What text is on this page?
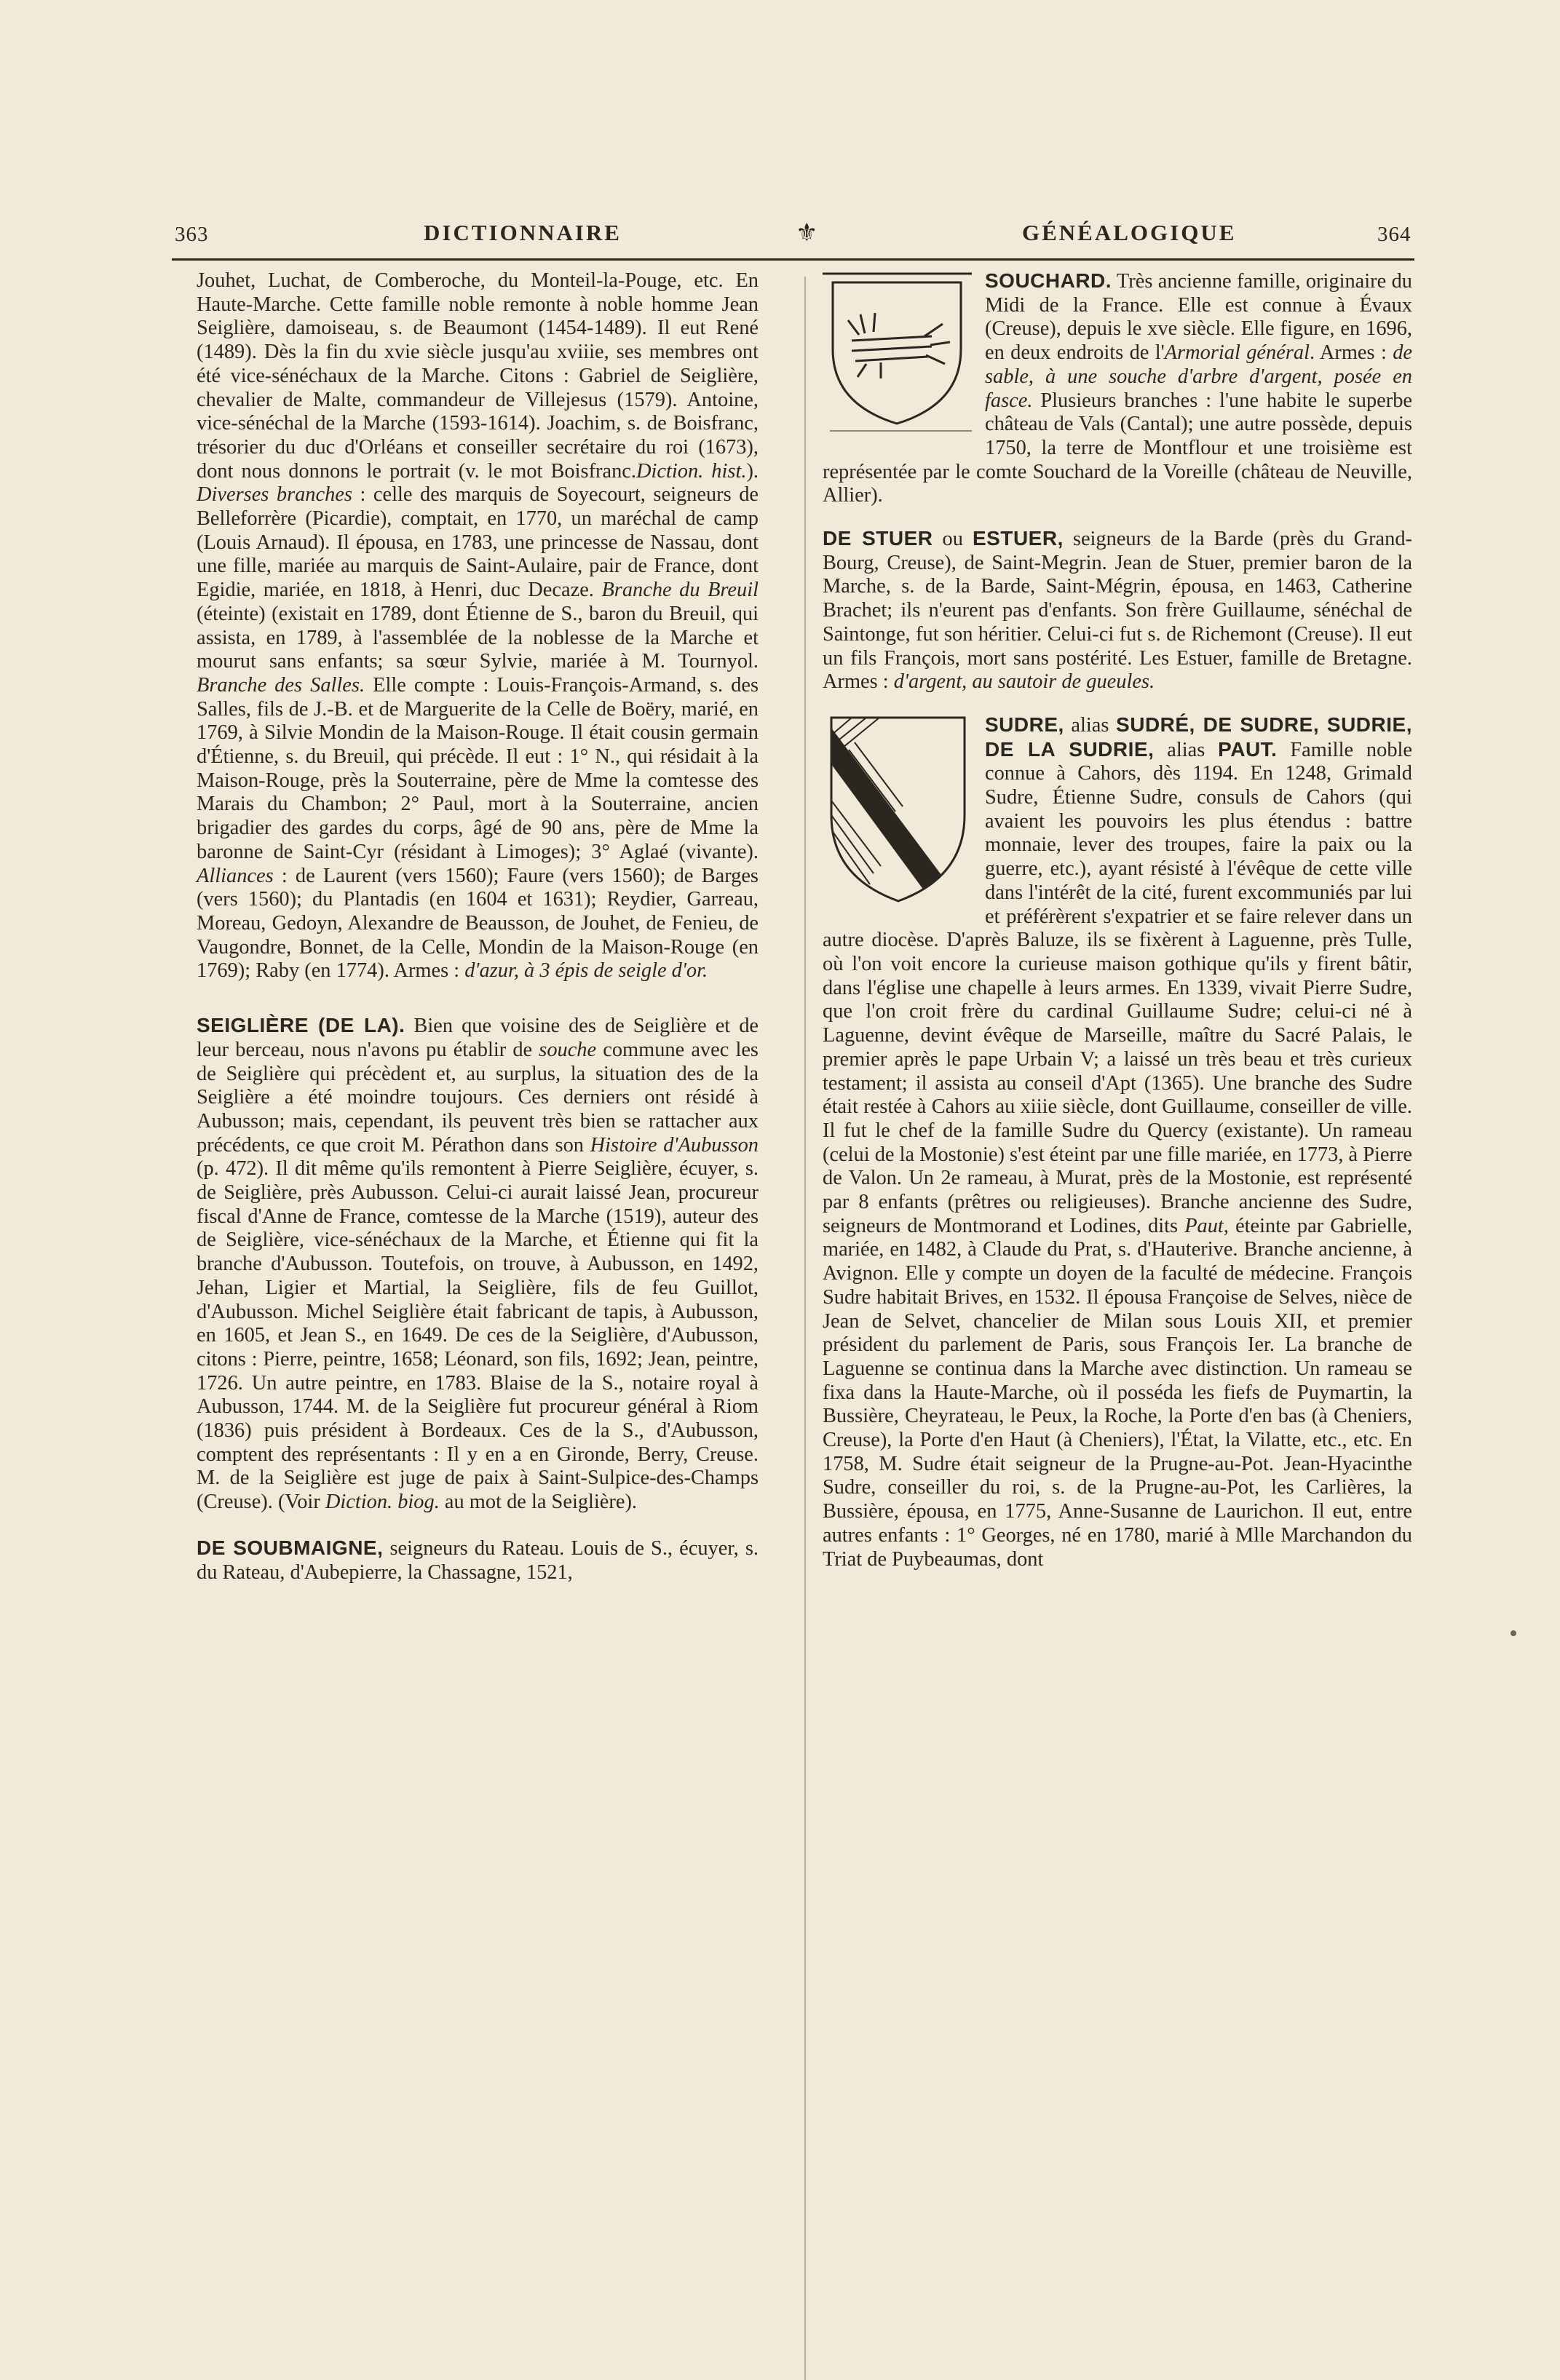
363	DICTIONNAIRE	⚜	GÉNÉALOGIQUE	364

Jouhet, Luchat, de Comberoche, du Monteil-la-Pouge, etc. En Haute-Marche. Cette famille noble remonte à noble homme Jean Seiglière, damoiseau, s. de Beaumont (1454-1489). Il eut René (1489). Dès la fin du xvie siècle jusqu'au xviiie, ses membres ont été vice-sénéchaux de la Marche. Citons : Gabriel de Seiglière, chevalier de Malte, commandeur de Villejesus (1579). Antoine, vice-sénéchal de la Marche (1593-1614). Joachim, s. de Boisfranc, trésorier du duc d'Orléans et conseiller secrétaire du roi (1673), dont nous donnons le portrait (v. le mot Boisfranc.Diction. hist.). Diverses branches : celle des marquis de Soyecourt, seigneurs de Belleforrère (Picardie), comptait, en 1770, un maréchal de camp (Louis Arnaud). Il épousa, en 1783, une princesse de Nassau, dont une fille, mariée au marquis de Saint-Aulaire, pair de France, dont Egidie, mariée, en 1818, à Henri, duc Decaze. Branche du Breuil (éteinte) (existait en 1789, dont Étienne de S., baron du Breuil, qui assista, en 1789, à l'assemblée de la noblesse de la Marche et mourut sans enfants; sa sœur Sylvie, mariée à M. Tournyol. Branche des Salles. Elle compte : Louis-François-Armand, s. des Salles, fils de J.-B. et de Marguerite de la Celle de Boëry, marié, en 1769, à Silvie Mondin de la Maison-Rouge. Il était cousin germain d'Étienne, s. du Breuil, qui précède. Il eut : 1° N., qui résidait à la Maison-Rouge, près la Souterraine, père de Mme la comtesse des Marais du Chambon; 2° Paul, mort à la Souterraine, ancien brigadier des gardes du corps, âgé de 90 ans, père de Mme la baronne de Saint-Cyr (résidant à Limoges); 3° Aglaé (vivante). Alliances : de Laurent (vers 1560); Faure (vers 1560); de Barges (vers 1560); du Plantadis (en 1604 et 1631); Reydier, Garreau, Moreau, Gedoyn, Alexandre de Beausson, de Jouhet, de Fenieu, de Vaugondre, Bonnet, de la Celle, Mondin de la Maison-Rouge (en 1769); Raby (en 1774). Armes : d'azur, à 3 épis de seigle d'or.

SEIGLIÈRE (DE LA). Bien que voisine des de Seiglière et de leur berceau, nous n'avons pu établir de souche commune avec les de Seiglière qui précèdent et, au surplus, la situation des de la Seiglière a été moindre toujours. Ces derniers ont résidé à Aubusson; mais, cependant, ils peuvent très bien se rattacher aux précédents, ce que croit M. Pérathon dans son Histoire d'Aubusson (p. 472). Il dit même qu'ils remontent à Pierre Seiglière, écuyer, s. de Seiglière, près Aubusson. Celui-ci aurait laissé Jean, procureur fiscal d'Anne de France, comtesse de la Marche (1519), auteur des de Seiglière, vice-sénéchaux de la Marche, et Étienne qui fit la branche d'Aubusson. Toutefois, on trouve, à Aubusson, en 1492, Jehan, Ligier et Martial, la Seiglière, fils de feu Guillot, d'Aubusson. Michel Seiglière était fabricant de tapis, à Aubusson, en 1605, et Jean S., en 1649. De ces de la Seiglière, d'Aubusson, citons : Pierre, peintre, 1658; Léonard, son fils, 1692; Jean, peintre, 1726. Un autre peintre, en 1783. Blaise de la S., notaire royal à Aubusson, 1744. M. de la Seiglière fut procureur général à Riom (1836) puis président à Bordeaux. Ces de la S., d'Aubusson, comptent des représentants : Il y en a en Gironde, Berry, Creuse. M. de la Seiglière est juge de paix à Saint-Sulpice-des-Champs (Creuse). (Voir Diction. biog. au mot de la Seiglière).

DE SOUBMAIGNE, seigneurs du Rateau. Louis de S., écuyer, s. du Rateau, d'Aubepierre, la Chassagne, 1521,

SOUCHARD. Très ancienne famille, originaire du Midi de la France. Elle est connue à Évaux (Creuse), depuis le xve siècle. Elle figure, en 1696, en deux endroits de l'Armorial général. Armes : de sable, à une souche d'arbre d'argent, posée en fasce. Plusieurs branches : l'une habite le superbe château de Vals (Cantal); une autre possède, depuis 1750, la terre de Montflour et une troisième est représentée par le comte Souchard de la Voreille (château de Neuville, Allier).

DE STUER ou ESTUER, seigneurs de la Barde (près du Grand-Bourg, Creuse), de Saint-Megrin. Jean de Stuer, premier baron de la Marche, s. de la Barde, Saint-Mégrin, épousa, en 1463, Catherine Brachet; ils n'eurent pas d'enfants. Son frère Guillaume, sénéchal de Saintonge, fut son héritier. Celui-ci fut s. de Richemont (Creuse). Il eut un fils François, mort sans postérité. Les Estuer, famille de Bretagne. Armes : d'argent, au sautoir de gueules.

SUDRE, alias SUDRÉ, DE SUDRE, SUDRIE, DE LA SUDRIE, alias PAUT. Famille noble connue à Cahors, dès 1194. En 1248, Grimald Sudre, Étienne Sudre, consuls de Cahors (qui avaient les pouvoirs les plus étendus : battre monnaie, lever des troupes, faire la paix ou la guerre, etc.), ayant résisté à l'évêque de cette ville dans l'intérêt de la cité, furent excommuniés par lui et préférèrent s'expatrier et se faire relever dans un autre diocèse. D'après Baluze, ils se fixèrent à Laguenne, près Tulle, où l'on voit encore la curieuse maison gothique qu'ils y firent bâtir, dans l'église une chapelle à leurs armes. En 1339, vivait Pierre Sudre, que l'on croit frère du cardinal Guillaume Sudre; celui-ci né à Laguenne, devint évêque de Marseille, maître du Sacré Palais, le premier après le pape Urbain V; a laissé un très beau et très curieux testament; il assista au conseil d'Apt (1365). Une branche des Sudre était restée à Cahors au xiiie siècle, dont Guillaume, conseiller de ville. Il fut le chef de la famille Sudre du Quercy (existante). Un rameau (celui de la Mostonie) s'est éteint par une fille mariée, en 1773, à Pierre de Valon. Un 2e rameau, à Murat, près de la Mostonie, est représenté par 8 enfants (prêtres ou religieuses). Branche ancienne des Sudre, seigneurs de Montmorand et Lodines, dits Paut, éteinte par Gabrielle, mariée, en 1482, à Claude du Prat, s. d'Hauterive. Branche ancienne, à Avignon. Elle y compte un doyen de la faculté de médecine. François Sudre habitait Brives, en 1532. Il épousa Françoise de Selves, nièce de Jean de Selvet, chancelier de Milan sous Louis XII, et premier président du parlement de Paris, sous François Ier. La branche de Laguenne se continua dans la Marche avec distinction. Un rameau se fixa dans la Haute-Marche, où il posséda les fiefs de Puymartin, la Bussière, Cheyrateau, le Peux, la Roche, la Porte d'en bas (à Cheniers, Creuse), la Porte d'en Haut (à Cheniers), l'État, la Vilatte, etc., etc. En 1758, M. Sudre était seigneur de la Prugne-au-Pot. Jean-Hyacinthe Sudre, conseiller du roi, s. de la Prugne-au-Pot, les Carlières, la Bussière, épousa, en 1775, Anne-Susanne de Laurichon. Il eut, entre autres enfants : 1° Georges, né en 1780, marié à Mlle Marchandon du Triat de Puybeaumas, dont
